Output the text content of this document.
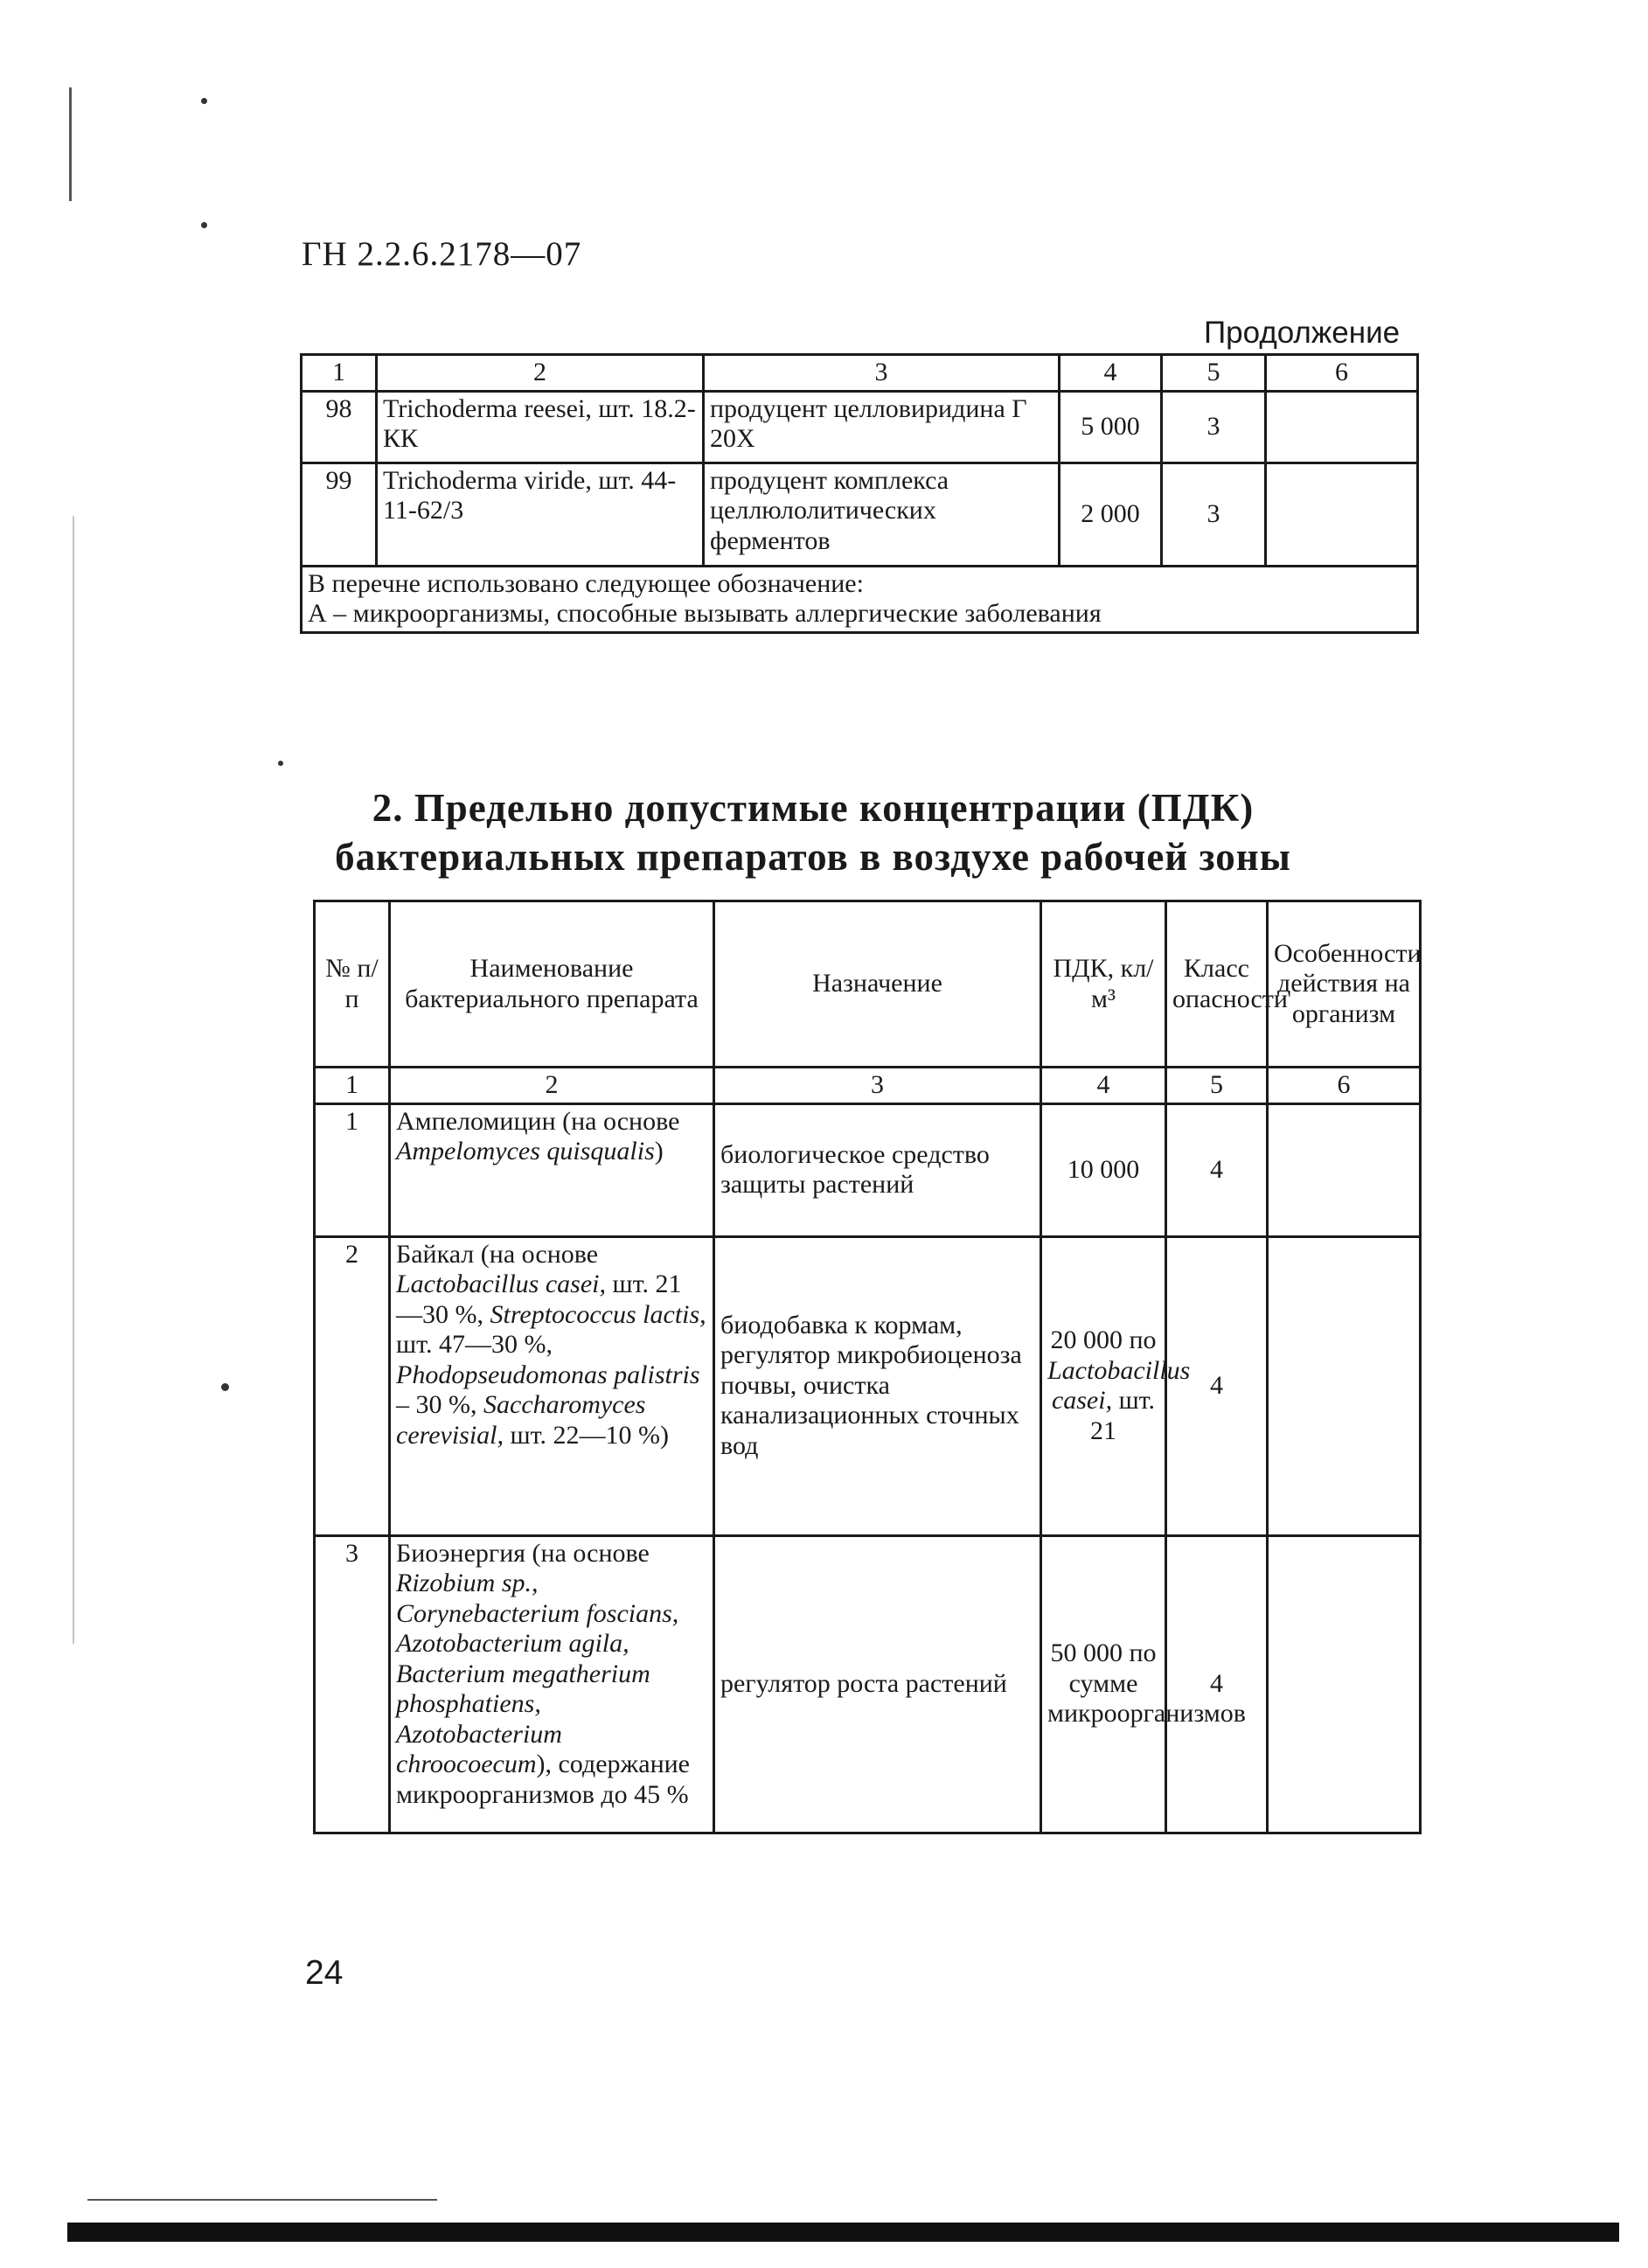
ГН 2.2.6.2178—07
Продолжение
1	2	3	4	5	6
98	Trichoderma reesei, шт. 18.2-КК	продуцент целловиридина Г 20Х	5 000	3	
99	Trichoderma viride, шт. 44-11-62/3	продуцент комплекса целлюлолитических ферментов	2 000	3	

В перечне использовано следующее обозначение:
А – микроорганизмы, способные вызывать аллергические заболевания					
2. Предельно допустимые концентрации (ПДК)
бактериальных препаратов в воздухе рабочей зоны
№ п/п	Наименование бактериального препарата	Назначение	ПДК, кл/м³	Класс опасности	Особенности действия на организм
1	2	3	4	5	6
1	Ампеломицин (на основе Ampelomyces quisqualis)	биологическое средство защиты растений	10 000	4	
2	Байкал (на основе Lactobacillus casei, шт. 21—30 %, Streptococcus lactis, шт. 47—30 %, Phodopseudomonas palistris – 30 %, Saccharomyces cerevisial, шт. 22—10 %)	биодобавка к кормам, регулятор микробиоценоза почвы, очистка канализационных сточных вод	20 000 по Lactobacillus casei, шт. 21	4	
3	Биоэнергия (на основе Rizobium sp., Corynebacterium foscians, Azotobacterium agila, Bacterium megatherium phosphatiens, Azotobacterium chroocoecum), содержание микроорганизмов до 45 %	регулятор роста растений	50 000 по сумме микроорганизмов	4	
24
